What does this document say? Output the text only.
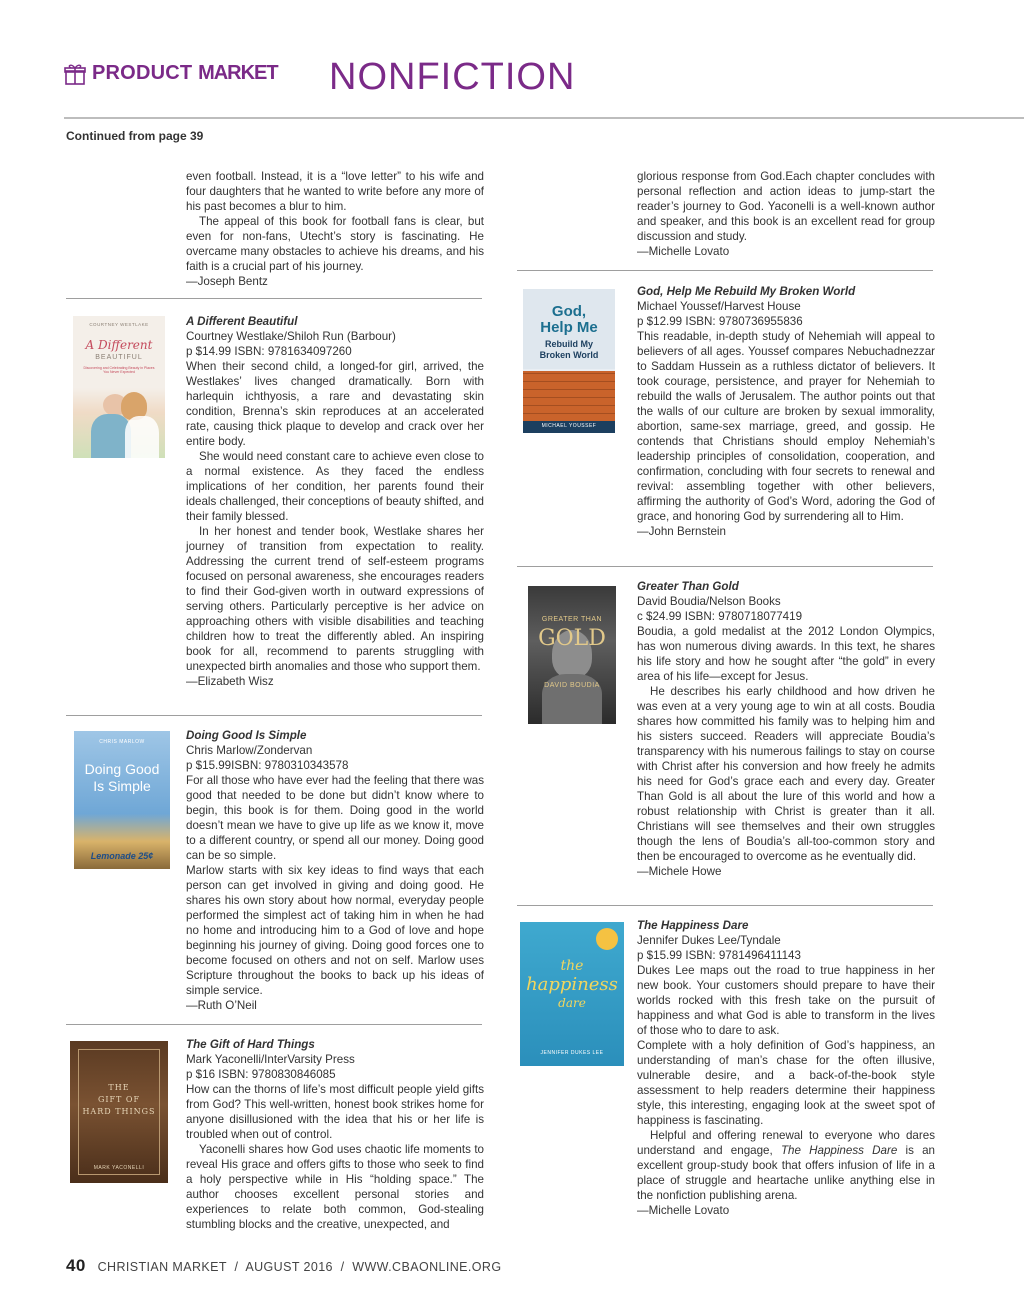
PRODUCT MARKET NONFICTION
Continued from page 39

even football. Instead, it is a “love letter” to his wife and four daughters that he wanted to write before any more of his past becomes a blur to him.

The appeal of this book for football fans is clear, but even for non-fans, Utecht’s story is fascinating. He overcame many obstacles to achieve his dreams, and his faith is a crucial part of his journey.

—Joseph Bentz

COURTNEY WESTLAKE
A Different
BEAUTIFUL
Discovering and Celebrating Beauty in Places You Never Expected

A Different Beautiful

Courtney Westlake/Shiloh Run (Barbour)

p $14.99 ISBN: 9781634097260

When their second child, a longed-for girl, arrived, the Westlakes’ lives changed dramatically. Born with harlequin ichthyosis, a rare and devastating skin condition, Brenna’s skin reproduces at an accelerated rate, causing thick plaque to develop and crack over her entire body.

She would need constant care to achieve even close to a normal existence. As they faced the endless implications of her condition, her parents found their ideals challenged, their conceptions of beauty shifted, and their family blessed.

In her honest and tender book, Westlake shares her journey of transition from expectation to reality. Addressing the current trend of self-esteem programs focused on personal awareness, she encourages readers to find their God-given worth in outward expressions of serving others. Particularly perceptive is her advice on approaching others with visible disabilities and teaching children how to treat the differently abled. An inspiring book for all, recommend to parents struggling with unexpected birth anomalies and those who support them.

—Elizabeth Wisz

CHRIS MARLOW
Doing Good
Is Simple
Lemonade 25¢

Doing Good Is Simple

Chris Marlow/Zondervan

p $15.99ISBN: 9780310343578

For all those who have ever had the feeling that there was good that needed to be done but didn’t know where to begin, this book is for them. Doing good in the world doesn’t mean we have to give up life as we know it, move to a different country, or spend all our money. Doing good can be so simple.

Marlow starts with six key ideas to find ways that each person can get involved in giving and doing good. He shares his own story about how normal, everyday people performed the simplest act of taking him in when he had no home and introducing him to a God of love and hope beginning his journey of giving. Doing good forces one to become focused on others and not on self. Marlow uses Scripture throughout the books to back up his ideas of simple service.

—Ruth O’Neil

THE
GIFT OF
HARD THINGS
MARK YACONELLI

The Gift of Hard Things

Mark Yaconelli/InterVarsity Press

p $16 ISBN: 9780830846085

How can the thorns of life’s most difficult people yield gifts from God? This well-written, honest book strikes home for anyone disillusioned with the idea that his or her life is troubled when out of control.

Yaconelli shares how God uses chaotic life moments to reveal His grace and offers gifts to those who seek to find a holy perspective while in His “holding space.” The author chooses excellent personal stories and experiences to relate both common, God-stealing stumbling blocks and the creative, unexpected, and

glorious response from God.Each chapter concludes with personal reflection and action ideas to jump-start the reader’s journey to God. Yaconelli is a well-known author and speaker, and this book is an excellent read for group discussion and study.

—Michelle Lovato

God,
Help Me
Rebuild My
Broken World
MICHAEL YOUSSEF

God, Help Me Rebuild My Broken World

Michael Youssef/Harvest House

p $12.99 ISBN: 9780736955836

This readable, in-depth study of Nehemiah will appeal to believers of all ages. Youssef compares Nebuchadnezzar to Saddam Hussein as a ruthless dictator of believers. It took courage, persistence, and prayer for Nehemiah to rebuild the walls of Jerusalem. The author points out that the walls of our culture are broken by sexual immorality, abortion, same-sex marriage, greed, and gossip. He contends that Christians should employ Nehemiah’s leadership principles of consolidation, cooperation, and confirmation, concluding with four secrets to renewal and revival: assembling together with other believers, affirming the authority of God’s Word, adoring the God of grace, and honoring God by surrendering all to Him.

—John Bernstein

GREATER THAN
GOLD
DAVID BOUDIA

Greater Than Gold

David Boudia/Nelson Books

c $24.99 ISBN: 9780718077419

Boudia, a gold medalist at the 2012 London Olympics, has won numerous diving awards. In this text, he shares his life story and how he sought after “the gold” in every area of his life—except for Jesus.

He describes his early childhood and how driven he was even at a very young age to win at all costs. Boudia shares how committed his family was to helping him and his sisters succeed. Readers will appreciate Boudia’s transparency with his numerous failings to stay on course with Christ after his conversion and how freely he admits his need for God’s grace each and every day. Greater Than Gold is all about the lure of this world and how a robust relationship with Christ is greater than it all. Christians will see themselves and their own struggles though the lens of Boudia’s all-too-common story and then be encouraged to overcome as he eventually did.

—Michele Howe

the
happiness
dare
JENNIFER DUKES LEE

The Happiness Dare

Jennifer Dukes Lee/Tyndale

p $15.99 ISBN: 9781496411143

Dukes Lee maps out the road to true happiness in her new book. Your customers should prepare to have their worlds rocked with this fresh take on the pursuit of happiness and what God is able to transform in the lives of those who to dare to ask.

Complete with a holy definition of God’s happiness, an understanding of man’s chase for the often illusive, vulnerable desire, and a back-of-the-book style assessment to help readers determine their happiness style, this interesting, engaging look at the sweet spot of happiness is fascinating.

Helpful and offering renewal to everyone who dares understand and engage, The Happiness Dare is an excellent group-study book that offers infusion of life in a place of struggle and heartache unlike anything else in the nonfiction publishing arena.

—Michelle Lovato

40 CHRISTIAN MARKET  /  AUGUST 2016  /  WWW.CBAONLINE.ORG
